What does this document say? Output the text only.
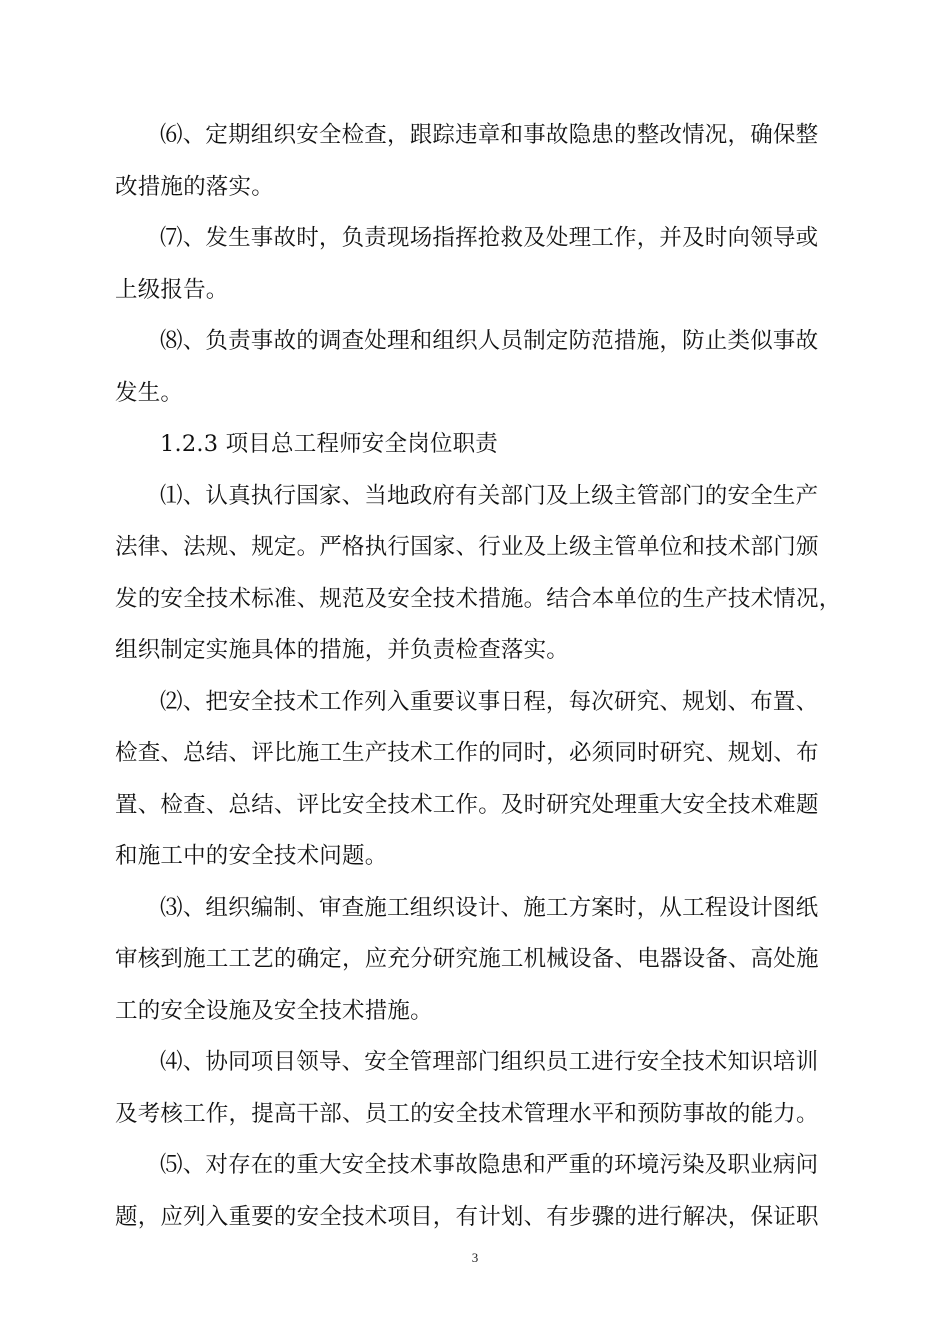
⑹、定期组织安全检查，跟踪违章和事故隐患的整改情况，确保整
改措施的落实。

⑺、发生事故时，负责现场指挥抢救及处理工作，并及时向领导或
上级报告。

⑻、负责事故的调查处理和组织人员制定防范措施，防止类似事故
发生。

1.2.3 项目总工程师安全岗位职责

⑴、认真执行国家、当地政府有关部门及上级主管部门的安全生产
法律、法规、规定。严格执行国家、行业及上级主管单位和技术部门颁
发的安全技术标准、规范及安全技术措施。结合本单位的生产技术情况，
组织制定实施具体的措施，并负责检查落实。

⑵、把安全技术工作列入重要议事日程，每次研究、规划、布置、
检查、总结、评比施工生产技术工作的同时，必须同时研究、规划、布
置、检查、总结、评比安全技术工作。及时研究处理重大安全技术难题
和施工中的安全技术问题。

⑶、组织编制、审查施工组织设计、施工方案时，从工程设计图纸
审核到施工工艺的确定，应充分研究施工机械设备、电器设备、高处施
工的安全设施及安全技术措施。

⑷、协同项目领导、安全管理部门组织员工进行安全技术知识培训
及考核工作，提高干部、员工的安全技术管理水平和预防事故的能力。

⑸、对存在的重大安全技术事故隐患和严重的环境污染及职业病问
题，应列入重要的安全技术项目，有计划、有步骤的进行解决，保证职

3
